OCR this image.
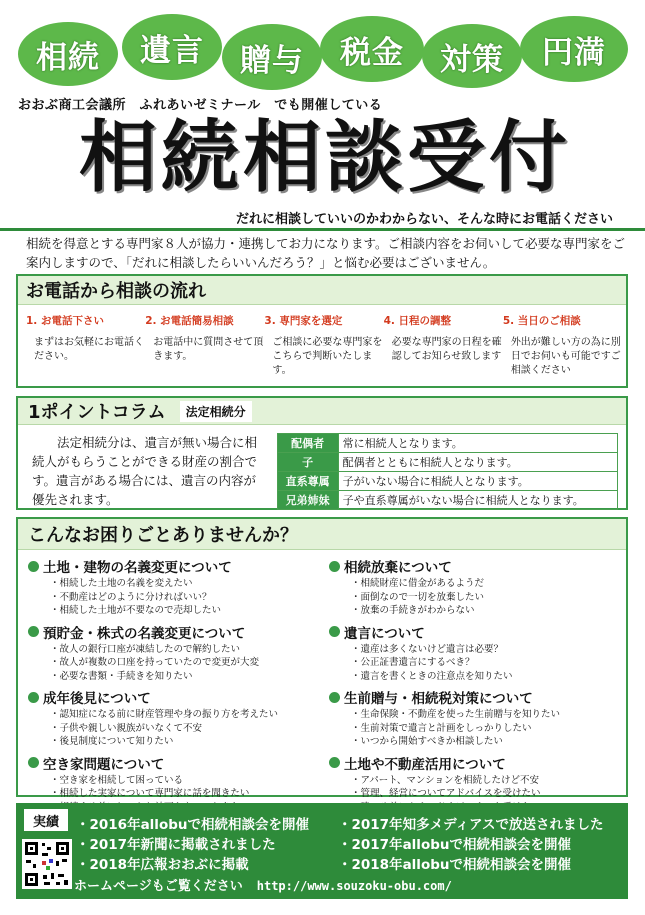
相続	遺言	贈与	税金	対策	円満
おおぶ商工会議所　ふれあいゼミナール　でも開催している
相続相談受付
だれに相談していいのかわからない、そんな時にお電話ください
相続を得意とする専門家８人が協力・連携してお力になります。ご相談内容をお伺いして必要な専門家をご案内しますので、「だれに相談したらいいんだろう？」と悩む必要はございません。
お電話から相談の流れ
1. お電話下さい
まずはお気軽にお電話ください。
2. お電話簡易相談
お電話中に質問させて頂きます。
3. 専門家を選定
ご相談に必要な専門家をこちらで判断いたします。
4. 日程の調整
必要な専門家の日程を確認してお知らせ致します
5. 当日のご相談
外出が難しい方の為に別日でお伺いも可能ですご相談ください
1ポイントコラム	法定相続分
法定相続分は、遺言が無い場合に相続人がもらうことができる財産の割合です。遺言がある場合には、遺言の内容が優先されます。
配偶者	常に相続人となります。
子	配偶者とともに相続人となります。
直系尊属	子がいない場合に相続人となります。
兄弟姉妹	子や直系尊属がいない場合に相続人となります。
こんなお困りごとありませんか？
土地・建物の名義変更について
・ 相続した土地の名義を変えたい
・ 不動産はどのように分ければいい？
・ 相続した土地が不要なので売却したい
預貯金・株式の名義変更について
・ 故人の銀行口座が凍結したので解約したい
・ 故人が複数の口座を持っていたので変更が大変
・ 必要な書類・手続きを知りたい
成年後見について
・ 認知症になる前に財産管理や身の振り方を考えたい
・ 子供や親しい親族がいなくて不安
・ 後見制度について知りたい
空き家問題について
・ 空き家を相続して困っている
・ 相続した実家について専門家に話を聞きたい
・
相続放棄について
・ 相続財産に借金があるようだ
・ 面倒なので一切を放棄したい
・ 放棄の手続きがわからない
遺言について
・ 遺産は多くないけど遺言は必要？
・ 公正証書遺言にするべき？
・ 遺言を書くときの注意点を知りたい
生前贈与・相続税対策について
・ 生命保険・不動産を使った生前贈与を知りたい
・ 生前対策で遺言と計画をしっかりしたい
・ いつから開始すべきか相談したい
土地や不動産活用について
・ アパート、マンションを相続したけど不安
・ 管理、経営についてアドバイスを受けたい
・
実績	・2016年allobuで相続相談会を開催
・2017年新聞に掲載されました
・2018年広報おおぶに掲載
・2017年知多メディアスで放送されました
・2017年allobuで相続相談会を開催
・2018年allobuで相続相談会を開催
ホームページもご覧ください http://www.souzoku-obu.com/
